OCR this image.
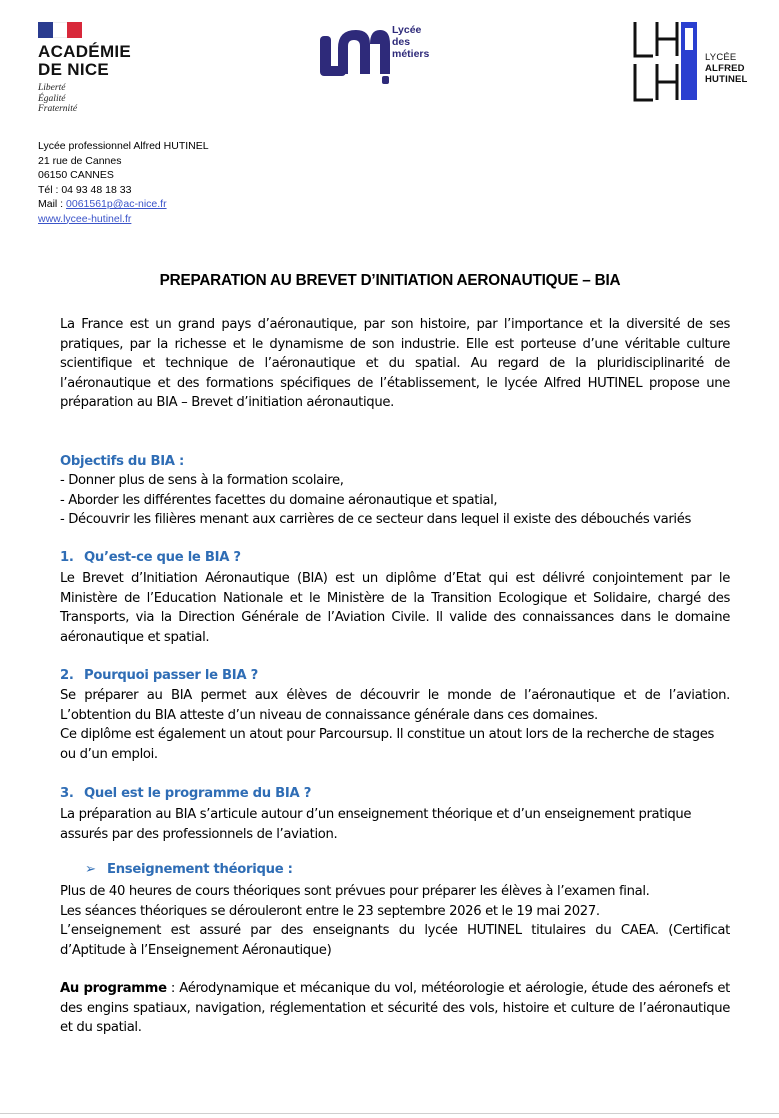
ACADÉMIE
DE NICE
Liberté
Égalité
Fraternité
Lycée
des
métiers	LYCÉE
ALFRED
HUTINEL
Lycée professionnel Alfred HUTINEL
21 rue de Cannes
06150 CANNES
Tél : 04 93 48 18 33
Mail : 0061561p@ac-nice.fr
www.lycee-hutinel.fr
PREPARATION AU BREVET D’INITIATION AERONAUTIQUE – BIA

La France est un grand pays d’aéronautique, par son histoire, par l’importance et la diversité de ses pratiques, par la richesse et le dynamisme de son industrie. Elle est porteuse d’une véritable culture scientifique et technique de l’aéronautique et du spatial. Au regard de la pluridisciplinarité de l’aéronautique et des formations spécifiques de l’établissement, le lycée Alfred HUTINEL propose une préparation au BIA – Brevet d’initiation aéronautique.

Objectifs du BIA :
- Donner plus de sens à la formation scolaire,
- Aborder les différentes facettes du domaine aéronautique et spatial,
- Découvrir les filières menant aux carrières de ce secteur dans lequel il existe des débouchés variés
1. Qu’est-ce que le BIA ?

Le Brevet d’Initiation Aéronautique (BIA) est un diplôme d’Etat qui est délivré conjointement par le Ministère de l’Education Nationale et le Ministère de la Transition Ecologique et Solidaire, chargé des Transports, via la Direction Générale de l’Aviation Civile. Il valide des connaissances dans le domaine aéronautique et spatial.

2. Pourquoi passer le BIA ?

Se préparer au BIA permet aux élèves de découvrir le monde de l’aéronautique et de l’aviation. L’obtention du BIA atteste d’un niveau de connaissance générale dans ces domaines.

Ce diplôme est également un atout pour Parcoursup. Il constitue un atout lors de la recherche de stages ou d’un emploi.

3. Quel est le programme du BIA ?

La préparation au BIA s’articule autour d’un enseignement théorique et d’un enseignement pratique assurés par des professionnels de l’aviation.

➢ Enseignement théorique :
Plus de 40 heures de cours théoriques sont prévues pour préparer les élèves à l’examen final.
Les séances théoriques se dérouleront entre le 23 septembre 2026 et le 19 mai 2027.
L’enseignement est assuré par des enseignants du lycée HUTINEL titulaires du CAEA. (Certificat d’Aptitude à l’Enseignement Aéronautique)

Au programme : Aérodynamique et mécanique du vol, météorologie et aérologie, étude des aéronefs et des engins spatiaux, navigation, réglementation et sécurité des vols, histoire et culture de l’aéronautique et du spatial.
